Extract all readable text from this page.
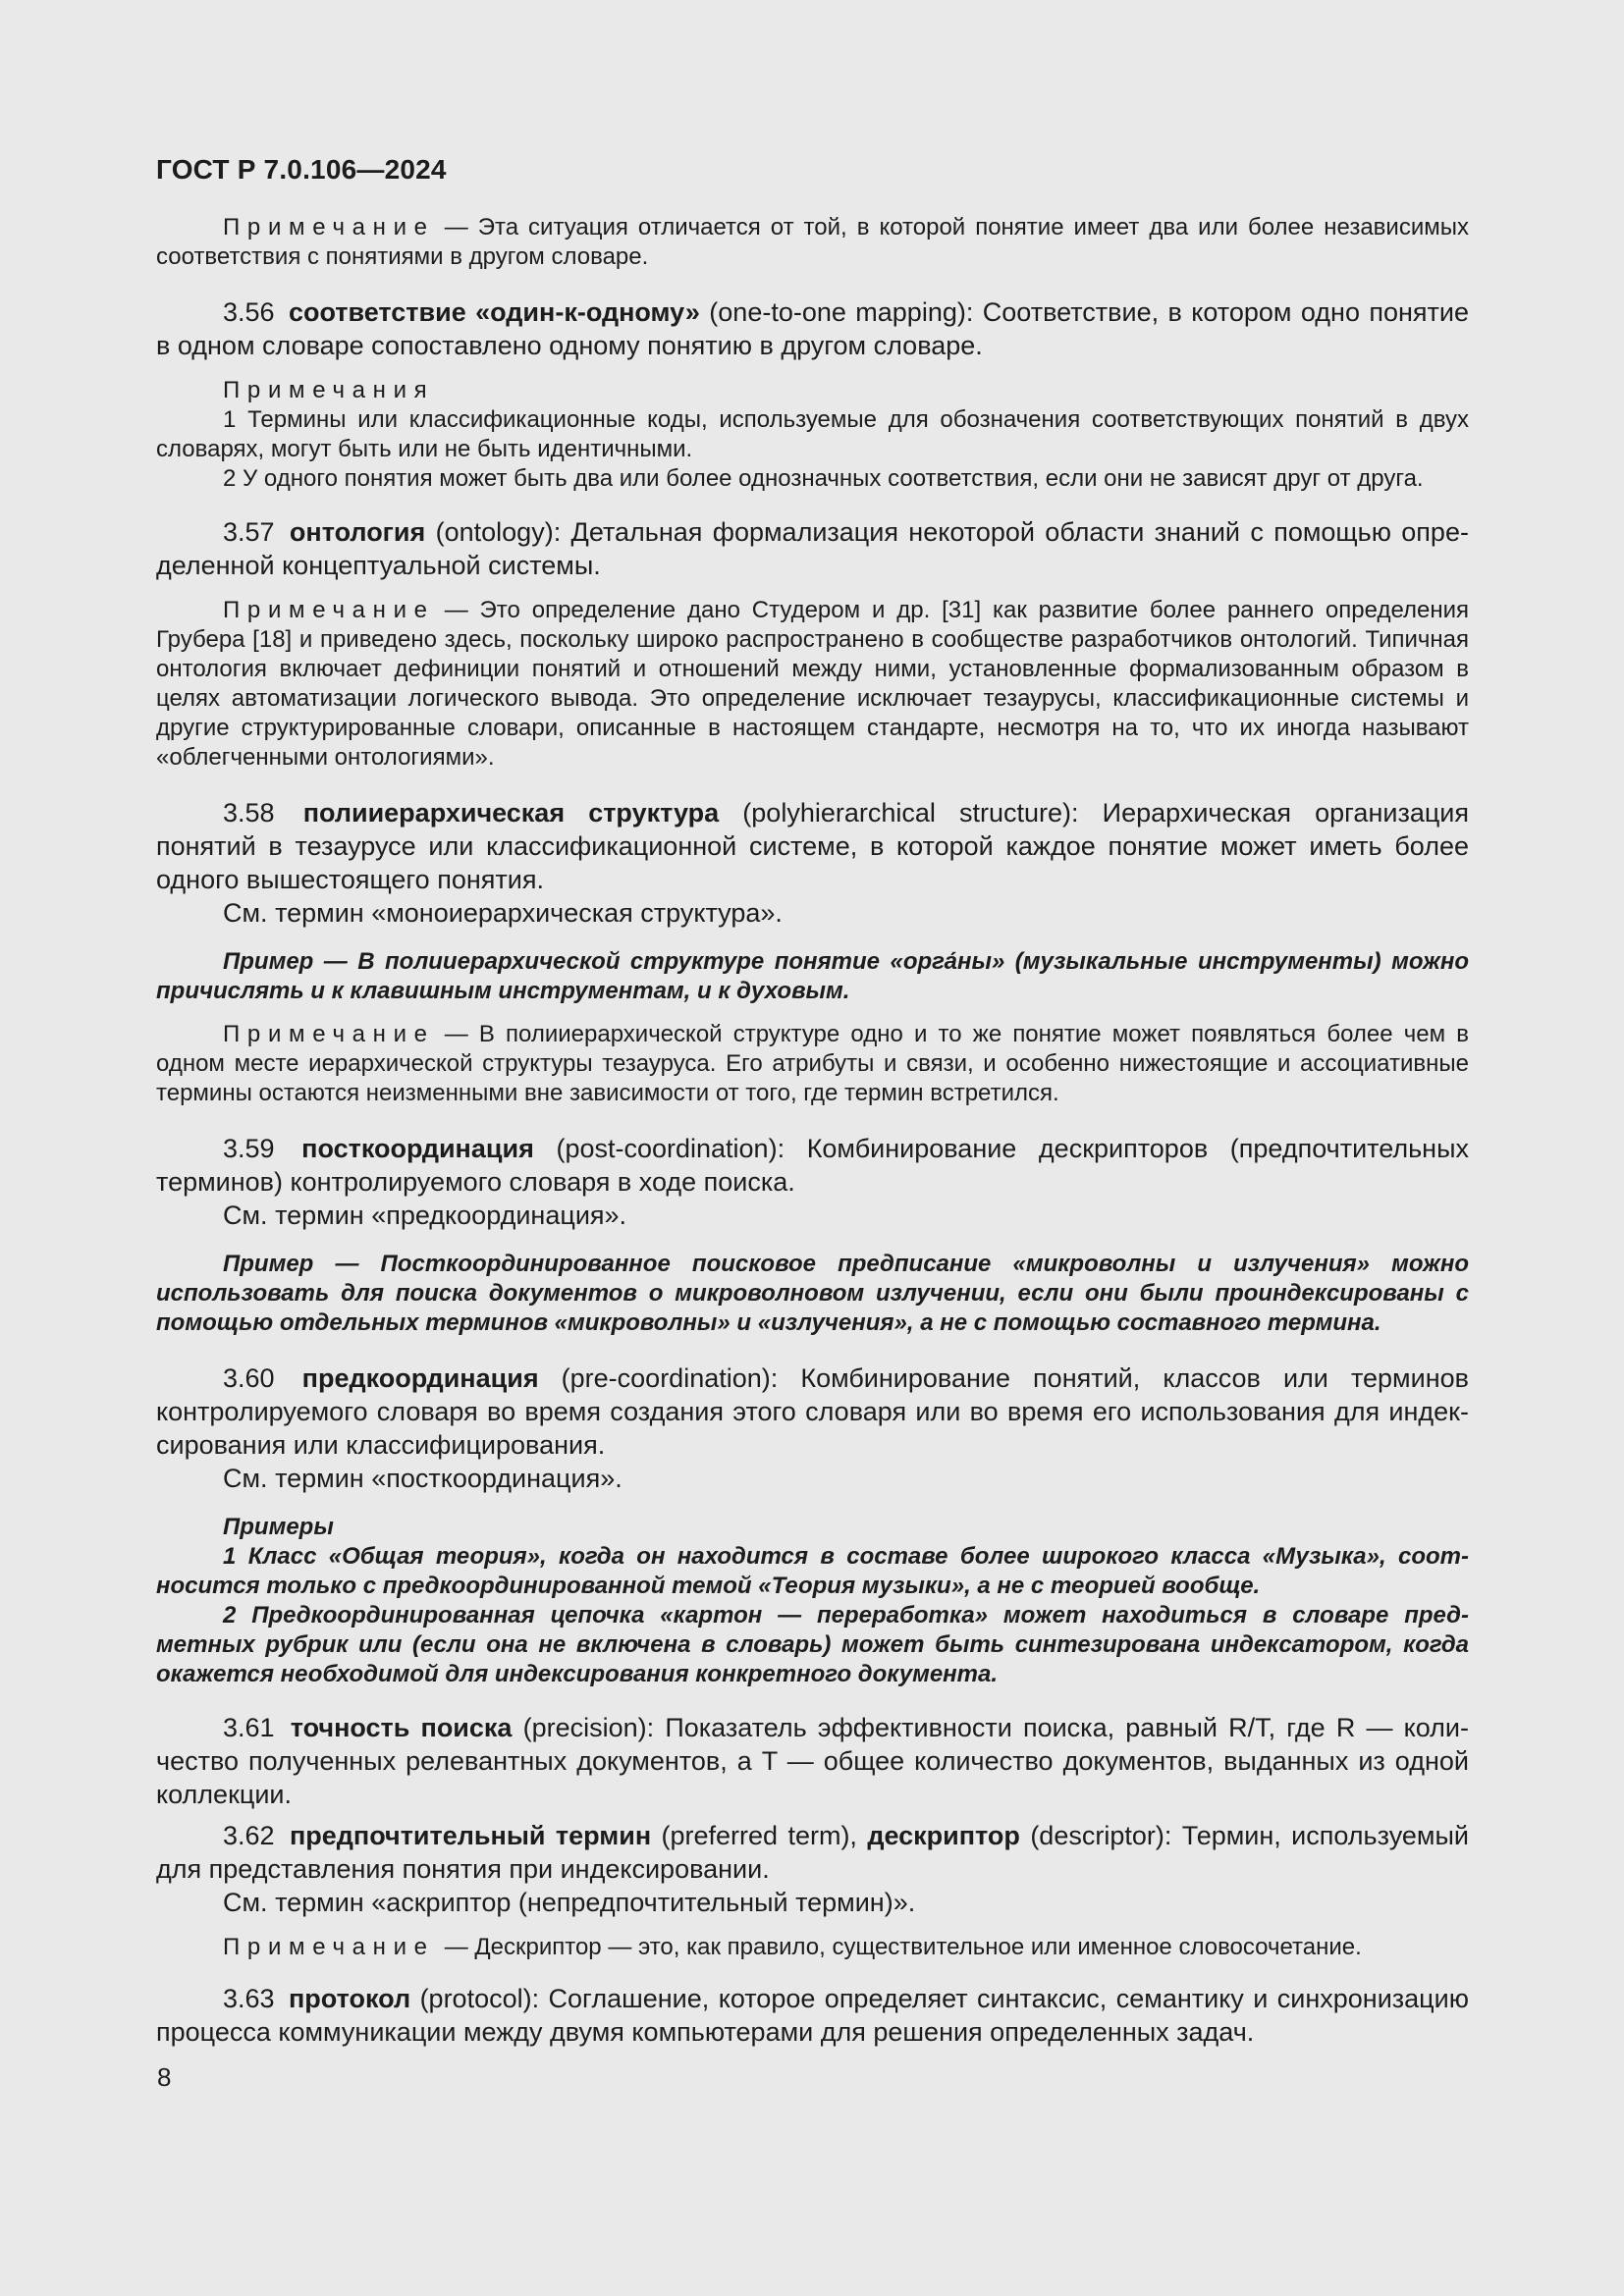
ГОСТ Р 7.0.106—2024

Примечание — Эта ситуация отличается от той, в которой понятие имеет два или более независимых соответствия с понятиями в другом словаре.

3.56 соответствие «один-к-одному» (one-to-one mapping): Соответствие, в котором одно понятие в одном словаре сопоставлено одному понятию в другом словаре.

Примечания

1 Термины или классификационные коды, используемые для обозначения соответствующих понятий в двух словарях, могут быть или не быть идентичными.

2 У одного понятия может быть два или более однозначных соответствия, если они не зависят друг от друга.

3.57 онтология (ontology): Детальная формализация некоторой области знаний с помощью определенной концептуальной системы.

Примечание — Это определение дано Студером и др. [31] как развитие более раннего определения Грубера [18] и приведено здесь, поскольку широко распространено в сообществе разработчиков онтологий. Типичная онтология включает дефиниции понятий и отношений между ними, установленные формализованным образом в целях автоматизации логического вывода. Это определение исключает тезаурусы, классификационные системы и другие структурированные словари, описанные в настоящем стандарте, несмотря на то, что их иногда называют «облегченными онтологиями».

3.58 полииерархическая структура (polyhierarchical structure): Иерархическая организация понятий в тезаурусе или классификационной системе, в которой каждое понятие может иметь более одного вышестоящего понятия.

См. термин «моноиерархическая структура».

Пример — В полииерархической структуре понятие «орга́ны» (музыкальные инструменты) можно причислять и к клавишным инструментам, и к духовым.

Примечание — В полииерархической структуре одно и то же понятие может появляться более чем в одном месте иерархической структуры тезауруса. Его атрибуты и связи, и особенно нижестоящие и ассоциативные термины остаются неизменными вне зависимости от того, где термин встретился.

3.59 посткоординация (post-coordination): Комбинирование дескрипторов (предпочтительных терминов) контролируемого словаря в ходе поиска.

См. термин «предкоординация».

Пример — Посткоординированное поисковое предписание «микроволны и излучения» можно использовать для поиска документов о микроволновом излучении, если они были проиндексированы с помощью отдельных терминов «микроволны» и «излучения», а не с помощью составного термина.

3.60 предкоординация (pre-coordination): Комбинирование понятий, классов или терминов контролируемого словаря во время создания этого словаря или во время его использования для индексирования или классифицирования.

См. термин «посткоординация».

Примеры

1 Класс «Общая теория», когда он находится в составе более широкого класса «Музыка», соотносится только с предкоординированной темой «Теория музыки», а не с теорией вообще.

2 Предкоординированная цепочка «картон — переработка» может находиться в словаре предметных рубрик или (если она не включена в словарь) может быть синтезирована индексатором, когда окажется необходимой для индексирования конкретного документа.

3.61 точность поиска (precision): Показатель эффективности поиска, равный R/T, где R — количество полученных релевантных документов, а T — общее количество документов, выданных из одной коллекции.

3.62 предпочтительный термин (preferred term), дескриптор (descriptor): Термин, используемый для представления понятия при индексировании.

См. термин «аскриптор (непредпочтительный термин)».

Примечание — Дескриптор — это, как правило, существительное или именное словосочетание.

3.63 протокол (protocol): Соглашение, которое определяет синтаксис, семантику и синхронизацию процесса коммуникации между двумя компьютерами для решения определенных задач.

8
